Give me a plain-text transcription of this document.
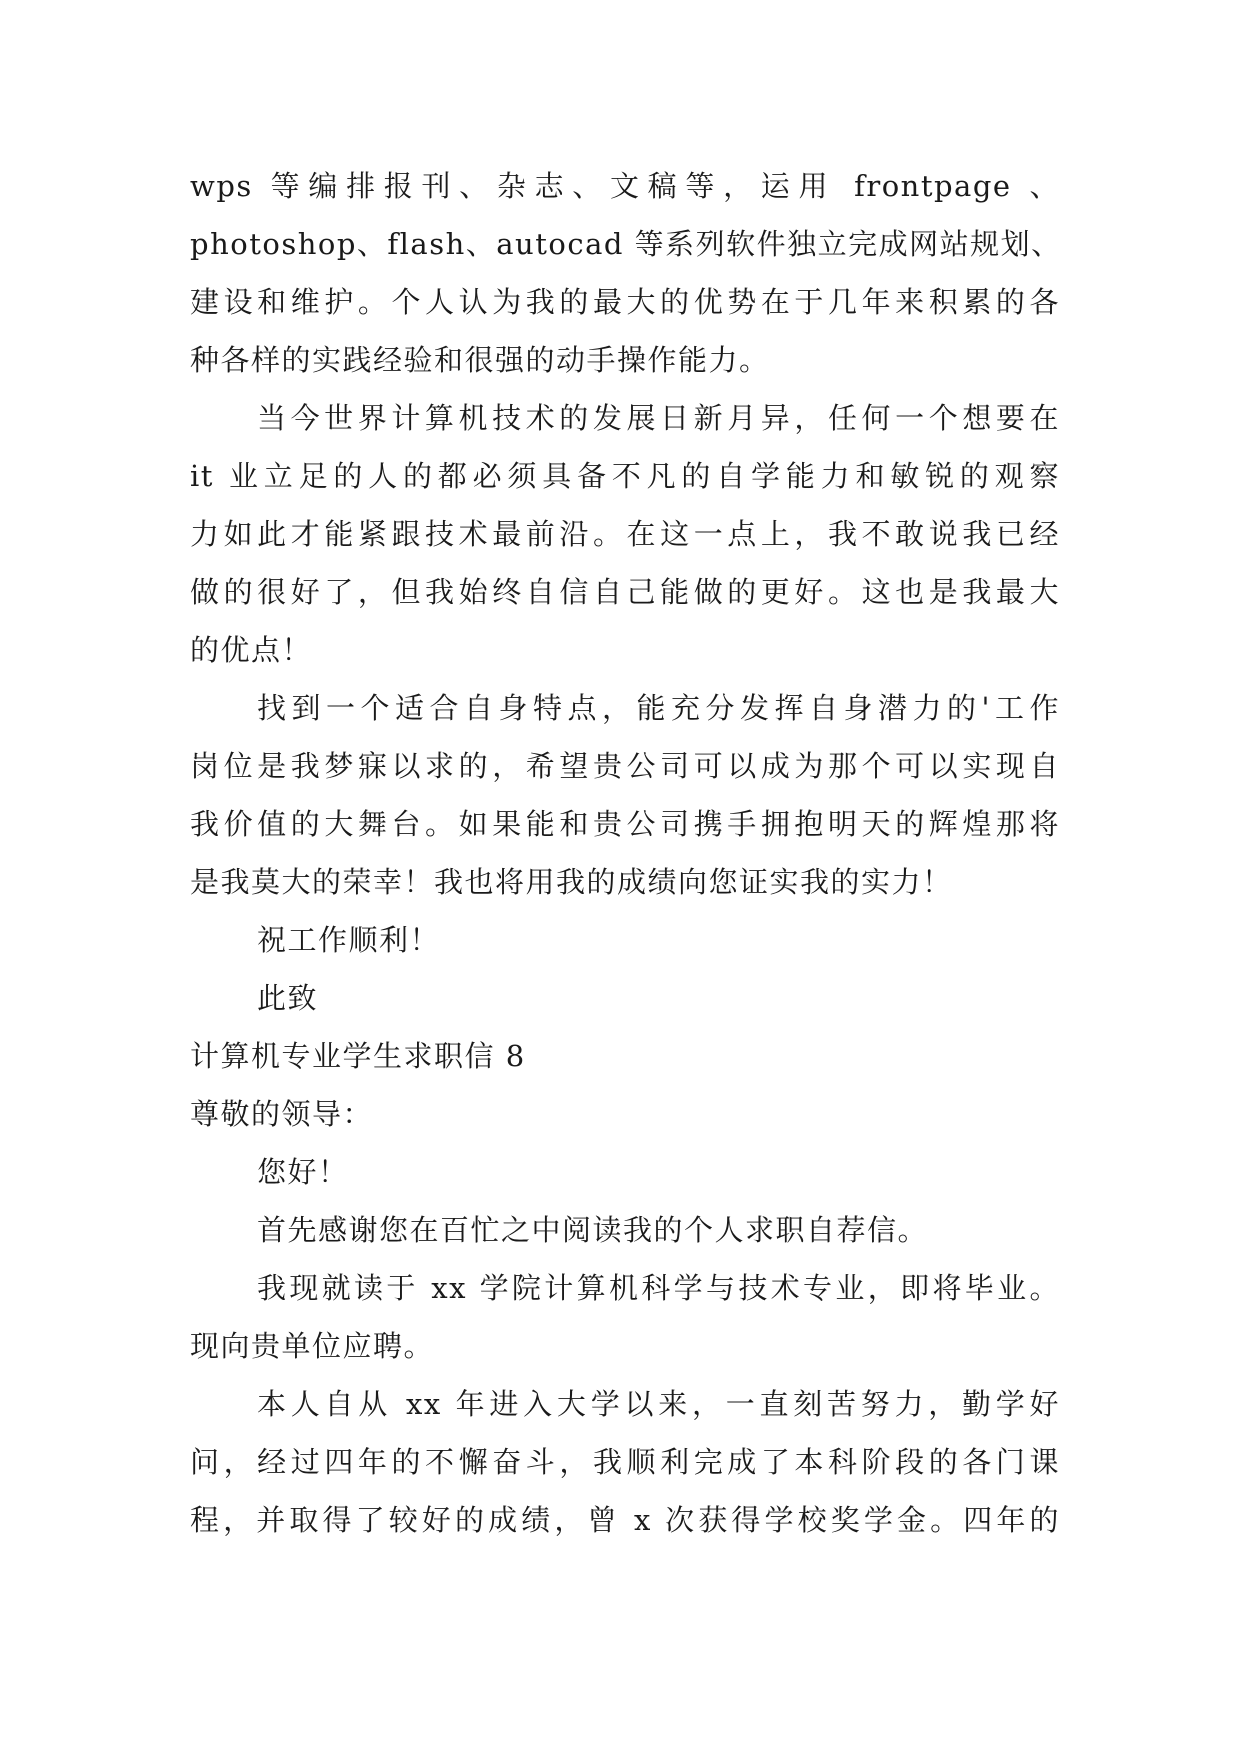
wps 等编排报刊、杂志、文稿等，运用 frontpage 、
photoshop、flash、autocad 等系列软件独立完成网站规划、
建设和维护。个人认为我的最大的优势在于几年来积累的各
种各样的实践经验和很强的动手操作能力。
当今世界计算机技术的发展日新月异，任何一个想要在
it 业立足的人的都必须具备不凡的自学能力和敏锐的观察
力如此才能紧跟技术最前沿。在这一点上，我不敢说我已经
做的很好了，但我始终自信自己能做的更好。这也是我最大
的优点！
找到一个适合自身特点，能充分发挥自身潜力的'工作
岗位是我梦寐以求的，希望贵公司可以成为那个可以实现自
我价值的大舞台。如果能和贵公司携手拥抱明天的辉煌那将
是我莫大的荣幸！我也将用我的成绩向您证实我的实力！
祝工作顺利！
此致
计算机专业学生求职信 8
尊敬的领导：
您好！
首先感谢您在百忙之中阅读我的个人求职自荐信。
我现就读于 xx 学院计算机科学与技术专业，即将毕业。
现向贵单位应聘。
本人自从 xx 年进入大学以来，一直刻苦努力，勤学好
问，经过四年的不懈奋斗，我顺利完成了本科阶段的各门课
程，并取得了较好的成绩，曾 x 次获得学校奖学金。四年的
